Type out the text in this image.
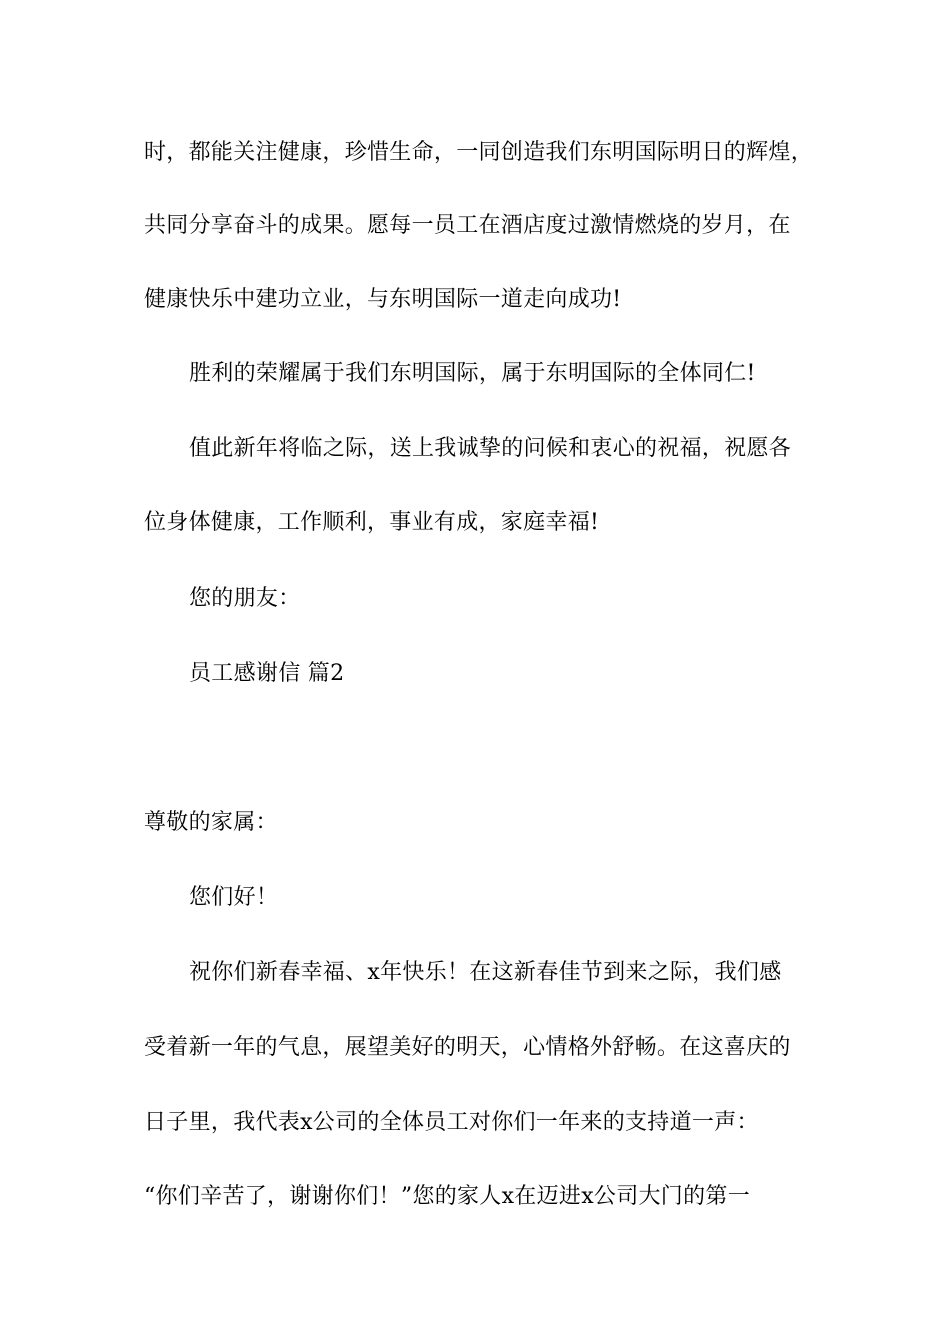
时，都能关注健康，珍惜生命，一同创造我们东明国际明日的辉煌，
共同分享奋斗的成果。愿每一员工在酒店度过激情燃烧的岁月，在
健康快乐中建功立业，与东明国际一道走向成功!
胜利的荣耀属于我们东明国际，属于东明国际的全体同仁!
值此新年将临之际，送上我诚挚的问候和衷心的祝福，祝愿各
位身体健康，工作顺利，事业有成，家庭幸福!
您的朋友：
员工感谢信 篇2
尊敬的家属：
您们好！
祝你们新春幸福、x年快乐！在这新春佳节到来之际，我们感
受着新一年的气息，展望美好的明天，心情格外舒畅。在这喜庆的
日子里，我代表x公司的全体员工对你们一年来的支持道一声：
“你们辛苦了，谢谢你们！”您的家人x在迈进x公司大门的第一
